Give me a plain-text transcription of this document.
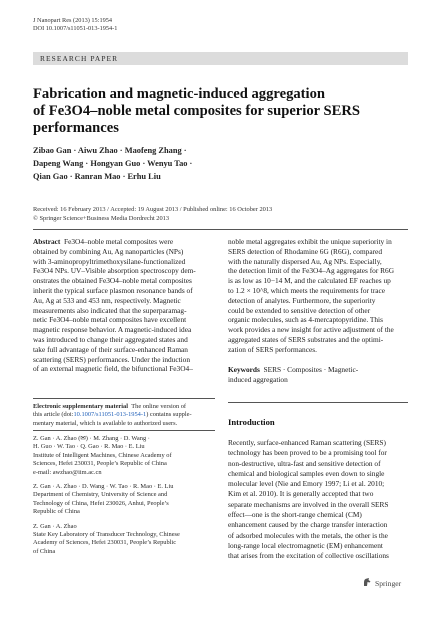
J Nanopart Res (2013) 15:1954
DOI 10.1007/s11051-013-1954-1
RESEARCH PAPER
Fabrication and magnetic-induced aggregation
of Fe3O4–noble metal composites for superior SERS
performances
Zibao Gan · Aiwu Zhao · Maofeng Zhang ·
Dapeng Wang · Hongyan Guo · Wenyu Tao ·
Qian Gao · Ranran Mao · Erhu Liu
Received: 16 February 2013 / Accepted: 19 August 2013 / Published online: 16 October 2013
© Springer Science+Business Media Dordrecht 2013
Abstract Fe3O4–noble metal composites were
obtained by combining Au, Ag nanoparticles (NPs)
with 3-aminopropyltrimethoxysilane-functionalized
Fe3O4 NPs. UV–Visible absorption spectroscopy dem-
onstrates the obtained Fe3O4–noble metal composites
inherit the typical surface plasmon resonance bands of
Au, Ag at 533 and 453 nm, respectively. Magnetic
measurements also indicated that the superparamag-
netic Fe3O4–noble metal composites have excellent
magnetic response behavior. A magnetic-induced idea
was introduced to change their aggregated states and
take full advantage of their surface-enhanced Raman
scattering (SERS) performances. Under the induction
of an external magnetic field, the bifunctional Fe3O4–
noble metal aggregates exhibit the unique superiority in
SERS detection of Rhodamine 6G (R6G), compared
with the naturally dispersed Au, Ag NPs. Especially,
the detection limit of the Fe3O4–Ag aggregates for R6G
is as low as 10−14 M, and the calculated EF reaches up
to 1.2 × 10^8, which meets the requirements for trace
detection of analytes. Furthermore, the superiority
could be extended to sensitive detection of other
organic molecules, such as 4-mercaptopyridine. This
work provides a new insight for active adjustment of the
aggregated states of SERS substrates and the optimi-
zation of SERS performances.
Keywords SERS · Composites · Magnetic-
induced aggregation
Electronic supplementary material The online version of
this article (doi:10.1007/s11051-013-1954-1) contains supple-
mentary material, which is available to authorized users.

Z. Gan · A. Zhao (✉) · M. Zhang · D. Wang ·
H. Guo · W. Tao · Q. Gao · R. Mao · E. Liu
Institute of Intelligent Machines, Chinese Academy of
Sciences, Hefei 230031, People’s Republic of China
e-mail: awzhao@iim.ac.cn

Z. Gan · A. Zhao · D. Wang · W. Tao · R. Mao · E. Liu
Department of Chemistry, University of Science and
Technology of China, Hefei 230026, Anhui, People’s
Republic of China

Z. Gan · A. Zhao
State Key Laboratory of Transducer Technology, Chinese
Academy of Sciences, Hefei 230031, People’s Republic
of China

Introduction
Recently, surface-enhanced Raman scattering (SERS)
technology has been proved to be a promising tool for
non-destructive, ultra-fast and sensitive detection of
chemical and biological samples even down to single
molecular level (Nie and Emory 1997; Li et al. 2010;
Kim et al. 2010). It is generally accepted that two
separate mechanisms are involved in the overall SERS
effect—one is the short-range chemical (CM)
enhancement caused by the charge transfer interaction
of adsorbed molecules with the metals, the other is the
long-range local electromagnetic (EM) enhancement
that arises from the excitation of collective oscillations
Springer
